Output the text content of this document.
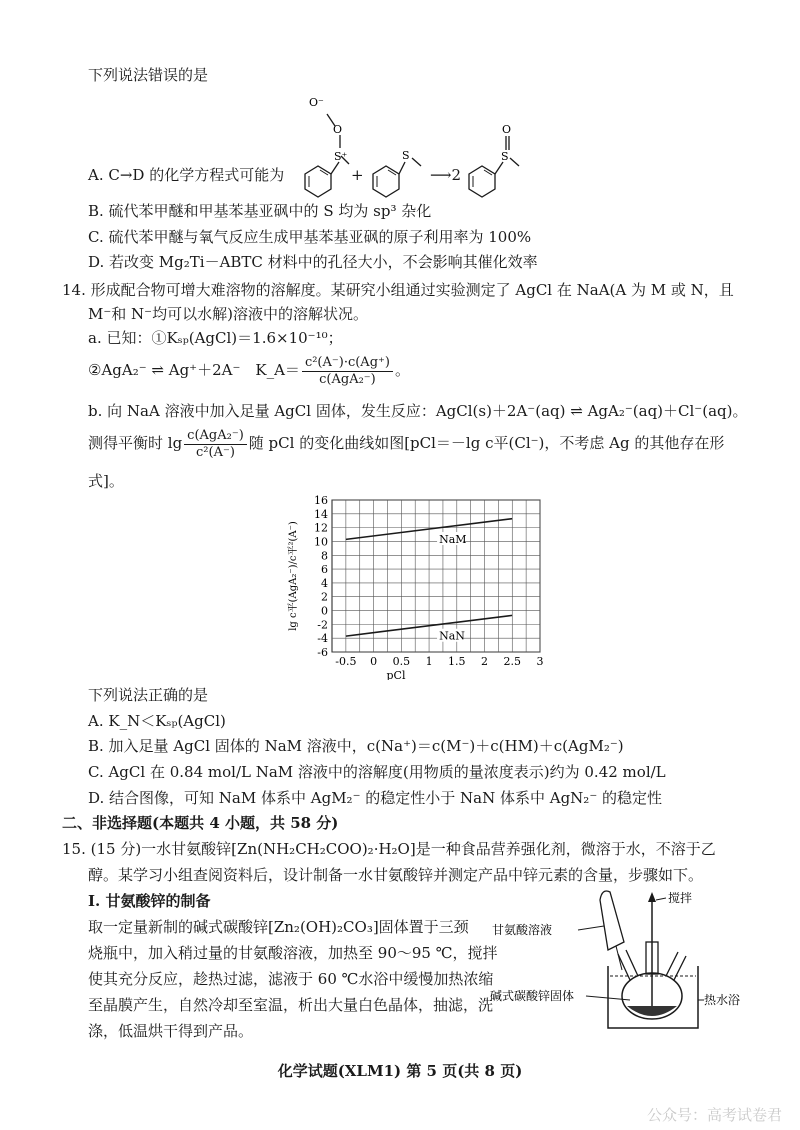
下列说法错误的是
O⁻
O
S⁺	S	S
O
A. C→D 的化学方程式可能为	+	⟶2
B. 硫代苯甲醚和甲基苯基亚砜中的 S 均为 sp³ 杂化
C. 硫代苯甲醚与氧气反应生成甲基苯基亚砜的原子利用率为 100%
D. 若改变 Mg₂Ti－ABTC 材料中的孔径大小，不会影响其催化效率
14. 形成配合物可增大难溶物的溶解度。某研究小组通过实验测定了 AgCl 在 NaA(A 为 M 或 N，且
M⁻和 N⁻均可以水解)溶液中的溶解状况。
a. 已知：①Kₛₚ(AgCl)＝1.6×10⁻¹⁰；
②AgA₂⁻ ⇌ Ag⁺＋2A⁻　K_A＝ $\frac{\text{c²(A⁻)·c(Ag⁺)}}{\text{c(AgA₂⁻)}}$ 。
b. 向 NaA 溶液中加入足量 AgCl 固体，发生反应：AgCl(s)＋2A⁻(aq) ⇌ AgA₂⁻(aq)＋Cl⁻(aq)。
测得平衡时 $\lg \frac{\text{c(AgA₂⁻)}}{\text{c²(A⁻)}}$ 随 pCl 的变化曲线如图[pCl＝－lg c平(Cl⁻)，不考虑 Ag 的其他存在形
式]。
16
14
12
10
8
6
4
2
0
-2
-4
-6
-0.5 0 0.5 1 1.5 2 2.5 3
pCl
lg c平(AgA₂⁻)/c平²(A⁻)	NaM
NaN
下列说法正确的是
A. K_N＜Kₛₚ(AgCl)
B. 加入足量 AgCl 固体的 NaM 溶液中，c(Na⁺)＝c(M⁻)＋c(HM)＋c(AgM₂⁻)
C. AgCl 在 0.84 mol/L NaM 溶液中的溶解度(用物质的量浓度表示)约为 0.42 mol/L
D. 结合图像，可知 NaM 体系中 AgM₂⁻ 的稳定性小于 NaN 体系中 AgN₂⁻ 的稳定性
二、非选择题(本题共 4 小题，共 58 分)
15. (15 分)一水甘氨酸锌[Zn(NH₂CH₂COO)₂·H₂O]是一种食品营养强化剂，微溶于水，不溶于乙
醇。某学习小组查阅资料后，设计制备一水甘氨酸锌并测定产品中锌元素的含量，步骤如下。
Ⅰ. 甘氨酸锌的制备
取一定量新制的碱式碳酸锌[Zn₂(OH)₂CO₃]固体置于三颈
烧瓶中，加入稍过量的甘氨酸溶液，加热至 90～95 ℃，搅拌
使其充分反应，趁热过滤，滤液于 60 ℃水浴中缓慢加热浓缩
至晶膜产生，自然冷却至室温，析出大量白色晶体，抽滤，洗
涤，低温烘干得到产品。
甘氨酸溶液
搅拌
碱式碳酸锌固体	热水浴
化学试题(XLM1) 第 5 页(共 8 页)
公众号：高考试卷君
